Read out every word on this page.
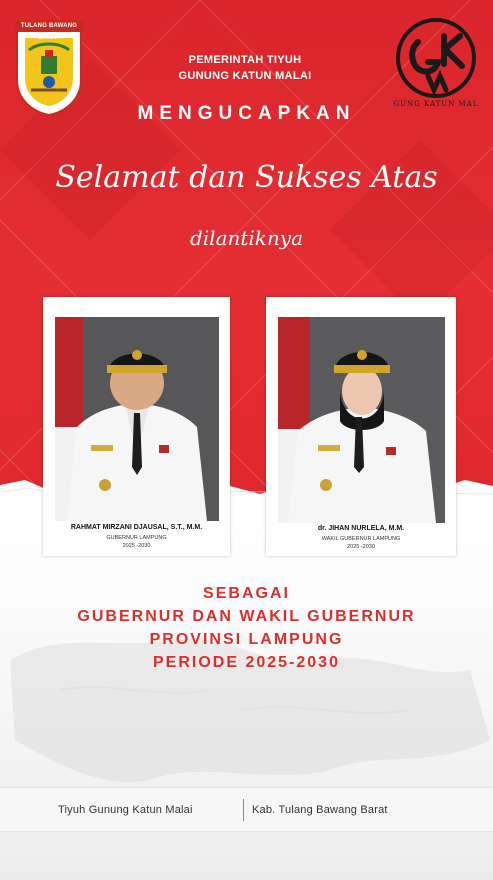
TULANG BAWANG BARAT
PEMERINTAH TIYUH
GUNUNG KATUN MALAI
GUNG KATUN MAL
MENGUCAPKAN
Selamat dan Sukses Atas
dilantiknya
RAHMAT MIRZANI DJAUSAL, S.T., M.M.
GUBERNUR LAMPUNG
2025 -2030
dr. JIHAN NURLELA, M.M.
WAKIL GUBERNUR LAMPUNG
2025 -2030
SEBAGAI
GUBERNUR DAN WAKIL GUBERNUR
PROVINSI LAMPUNG
PERIODE 2025-2030
Tiyuh Gunung Katun Malai	Kab. Tulang Bawang Barat
